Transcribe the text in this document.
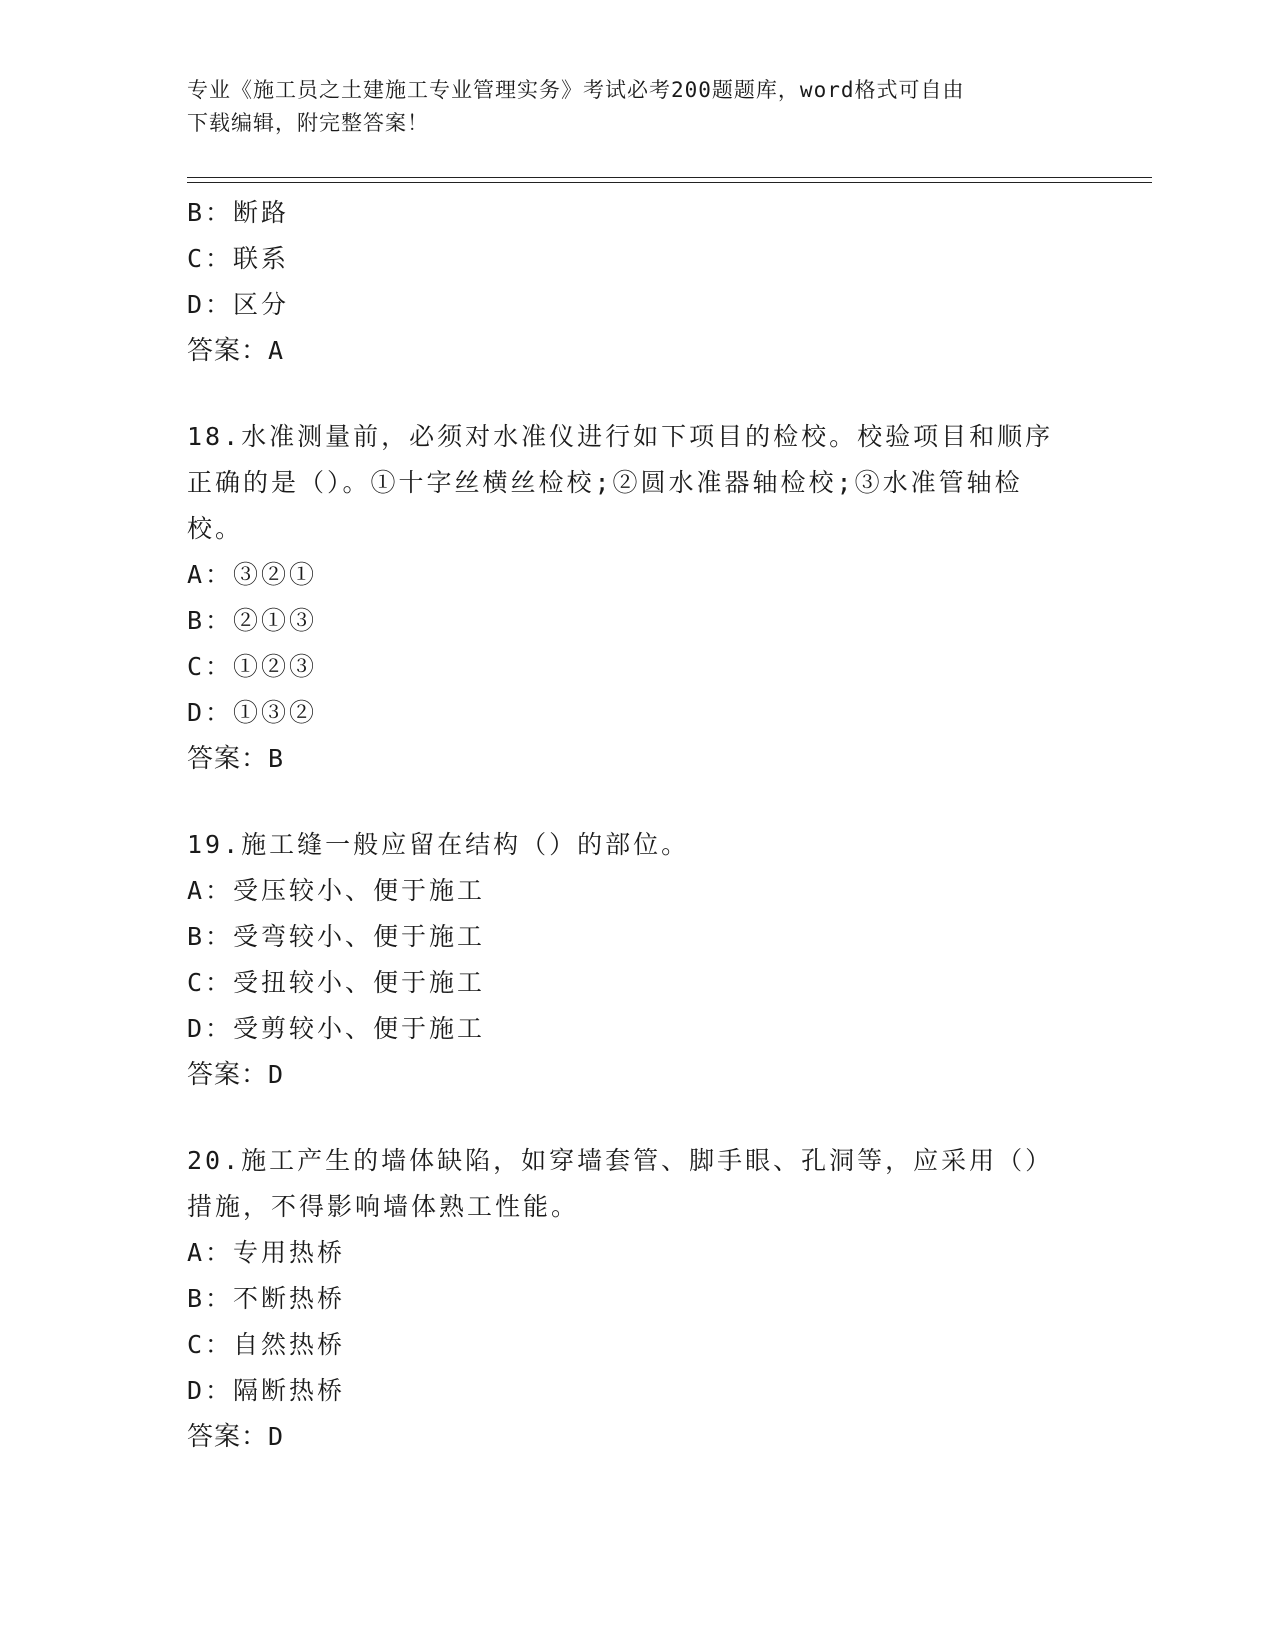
专业《施工员之土建施工专业管理实务》考试必考200题题库，word格式可自由
下载编辑，附完整答案！
B：断路
C：联系
D：区分
答案：A
18.水准测量前，必须对水准仪进行如下项目的检校。校验项目和顺序
正确的是（）。①十字丝横丝检校;②圆水准器轴检校;③水准管轴检
校。
A：③②①
B：②①③
C：①②③
D：①③②
答案：B
19.施工缝一般应留在结构（）的部位。
A：受压较小、便于施工
B：受弯较小、便于施工
C：受扭较小、便于施工
D：受剪较小、便于施工
答案：D
20.施工产生的墙体缺陷，如穿墙套管、脚手眼、孔洞等，应采用（）
措施，不得影响墙体熟工性能。
A：专用热桥
B：不断热桥
C：自然热桥
D：隔断热桥
答案：D
